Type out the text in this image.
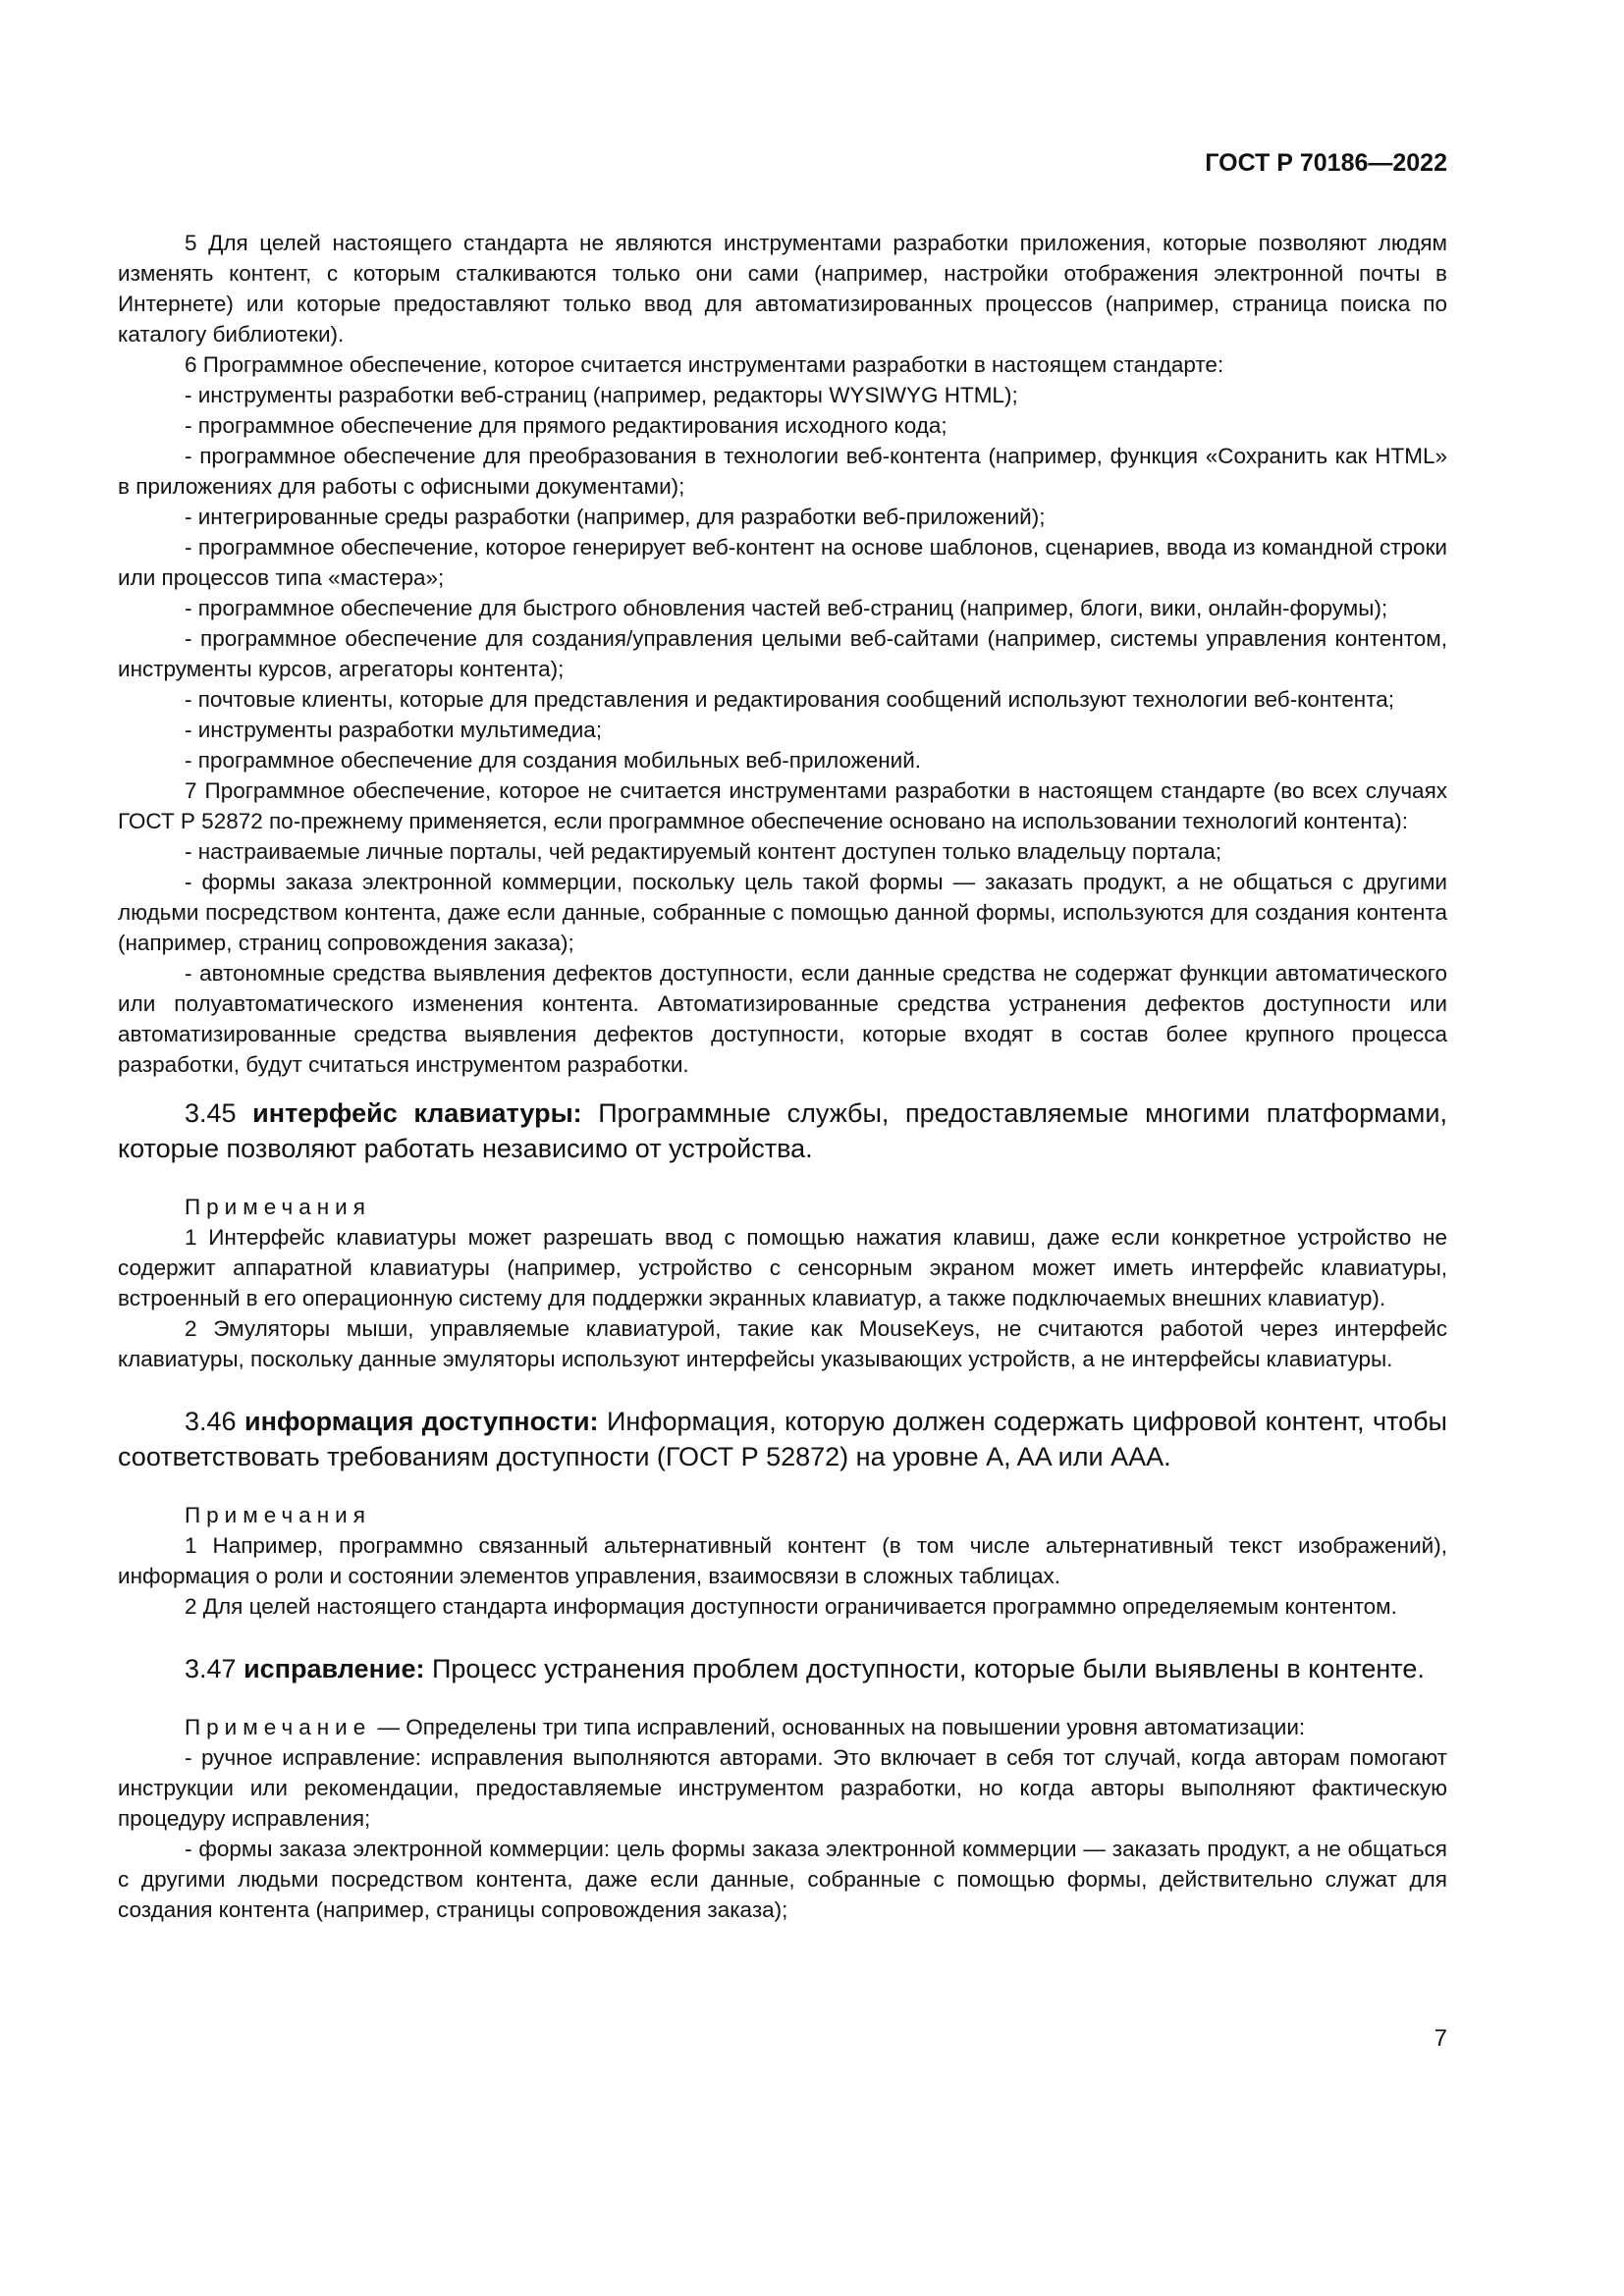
ГОСТ Р 70186—2022

5 Для целей настоящего стандарта не являются инструментами разработки приложения, которые позволяют людям изменять контент, с которым сталкиваются только они сами (например, настройки отображения электронной почты в Интернете) или которые предоставляют только ввод для автоматизированных процессов (например, страница поиска по каталогу библиотеки).

6 Программное обеспечение, которое считается инструментами разработки в настоящем стандарте:

- инструменты разработки веб-страниц (например, редакторы WYSIWYG HTML);

- программное обеспечение для прямого редактирования исходного кода;

- программное обеспечение для преобразования в технологии веб-контента (например, функция «Сохранить как HTML» в приложениях для работы с офисными документами);

- интегрированные среды разработки (например, для разработки веб-приложений);

- программное обеспечение, которое генерирует веб-контент на основе шаблонов, сценариев, ввода из командной строки или процессов типа «мастера»;

- программное обеспечение для быстрого обновления частей веб-страниц (например, блоги, вики, онлайн-форумы);

- программное обеспечение для создания/управления целыми веб-сайтами (например, системы управления контентом, инструменты курсов, агрегаторы контента);

- почтовые клиенты, которые для представления и редактирования сообщений используют технологии веб-контента;

- инструменты разработки мультимедиа;

- программное обеспечение для создания мобильных веб-приложений.

7 Программное обеспечение, которое не считается инструментами разработки в настоящем стандарте (во всех случаях ГОСТ Р 52872 по-прежнему применяется, если программное обеспечение основано на использовании технологий контента):

- настраиваемые личные порталы, чей редактируемый контент доступен только владельцу портала;

- формы заказа электронной коммерции, поскольку цель такой формы — заказать продукт, а не общаться с другими людьми посредством контента, даже если данные, собранные с помощью данной формы, используются для создания контента (например, страниц сопровождения заказа);

- автономные средства выявления дефектов доступности, если данные средства не содержат функции автоматического или полуавтоматического изменения контента. Автоматизированные средства устранения дефектов доступности или автоматизированные средства выявления дефектов доступности, которые входят в состав более крупного процесса разработки, будут считаться инструментом разработки.

3.45 интерфейс клавиатуры: Программные службы, предоставляемые многими платформами, которые позволяют работать независимо от устройства.

Примечания

1 Интерфейс клавиатуры может разрешать ввод с помощью нажатия клавиш, даже если конкретное устройство не содержит аппаратной клавиатуры (например, устройство с сенсорным экраном может иметь интерфейс клавиатуры, встроенный в его операционную систему для поддержки экранных клавиатур, а также подключаемых внешних клавиатур).

2 Эмуляторы мыши, управляемые клавиатурой, такие как MouseKeys, не считаются работой через интерфейс клавиатуры, поскольку данные эмуляторы используют интерфейсы указывающих устройств, а не интерфейсы клавиатуры.

3.46 информация доступности: Информация, которую должен содержать цифровой контент, чтобы соответствовать требованиям доступности (ГОСТ Р 52872) на уровне A, AA или AAA.

Примечания

1 Например, программно связанный альтернативный контент (в том числе альтернативный текст изображений), информация о роли и состоянии элементов управления, взаимосвязи в сложных таблицах.

2 Для целей настоящего стандарта информация доступности ограничивается программно определяемым контентом.

3.47 исправление: Процесс устранения проблем доступности, которые были выявлены в контенте.

Примечание — Определены три типа исправлений, основанных на повышении уровня автоматизации:

- ручное исправление: исправления выполняются авторами. Это включает в себя тот случай, когда авторам помогают инструкции или рекомендации, предоставляемые инструментом разработки, но когда авторы выполняют фактическую процедуру исправления;

- формы заказа электронной коммерции: цель формы заказа электронной коммерции — заказать продукт, а не общаться с другими людьми посредством контента, даже если данные, собранные с помощью формы, действительно служат для создания контента (например, страницы сопровождения заказа);

7
